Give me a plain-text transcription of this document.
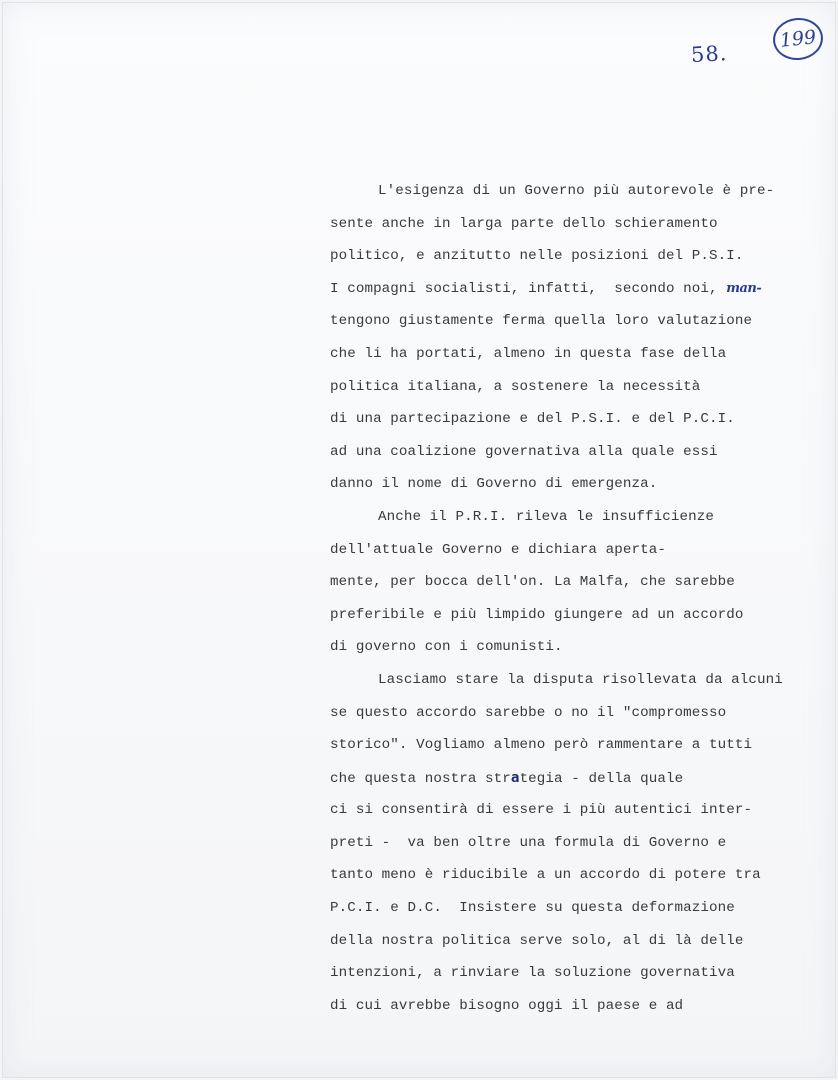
58.
199
L'esigenza di un Governo più autorevole è pre-
sente anche in larga parte dello schieramento
politico, e anzitutto nelle posizioni del P.S.I.
I compagni socialisti, infatti,  secondo noi, man-
tengono giustamente ferma quella loro valutazione
che li ha portati, almeno in questa fase della
politica italiana, a sostenere la necessità
di una partecipazione e del P.S.I. e del P.C.I.
ad una coalizione governativa alla quale essi
danno il nome di Governo di emergenza.
Anche il P.R.I. rileva le insufficienze
dell'attuale Governo e dichiara aperta-
mente, per bocca dell'on. La Malfa, che sarebbe
preferibile e più limpido giungere ad un accordo
di governo con i comunisti.
Lasciamo stare la disputa risollevata da alcuni
se questo accordo sarebbe o no il "compromesso
storico". Vogliamo almeno però rammentare a tutti
che questa nostra strategia - della quale
ci si consentirà di essere i più autentici inter-
preti -  va ben oltre una formula di Governo e
tanto meno è riducibile a un accordo di potere tra
P.C.I. e D.C.  Insistere su questa deformazione
della nostra politica serve solo, al di là delle
intenzioni, a rinviare la soluzione governativa
di cui avrebbe bisogno oggi il paese e ad
